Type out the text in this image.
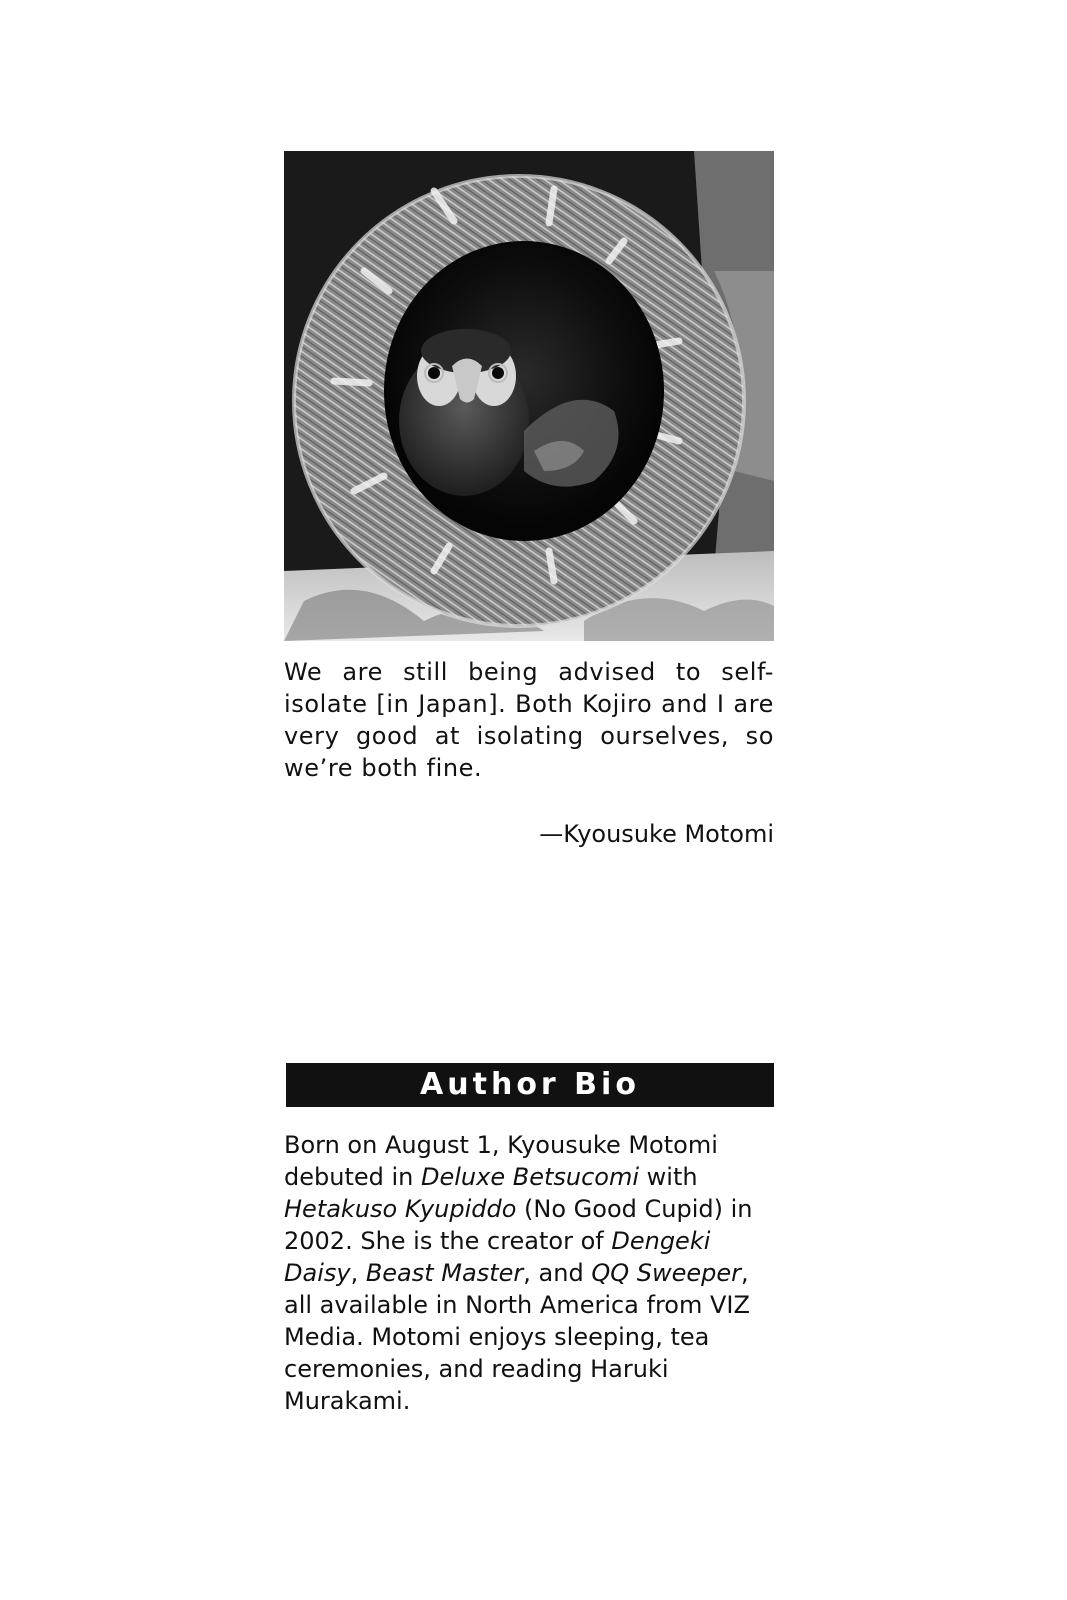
We are still being advised to self-isolate [in Japan]. Both Kojiro and I are very good at isolating ourselves, so we’re both fine.

—Kyousuke Motomi

Author Bio

Born on August 1, Kyousuke Motomi debuted in Deluxe Betsucomi with Hetakuso Kyupiddo (No Good Cupid) in 2002. She is the creator of Dengeki Daisy, Beast Master, and QQ Sweeper, all available in North America from VIZ Media. Motomi enjoys sleeping, tea ceremonies, and reading Haruki Murakami.
